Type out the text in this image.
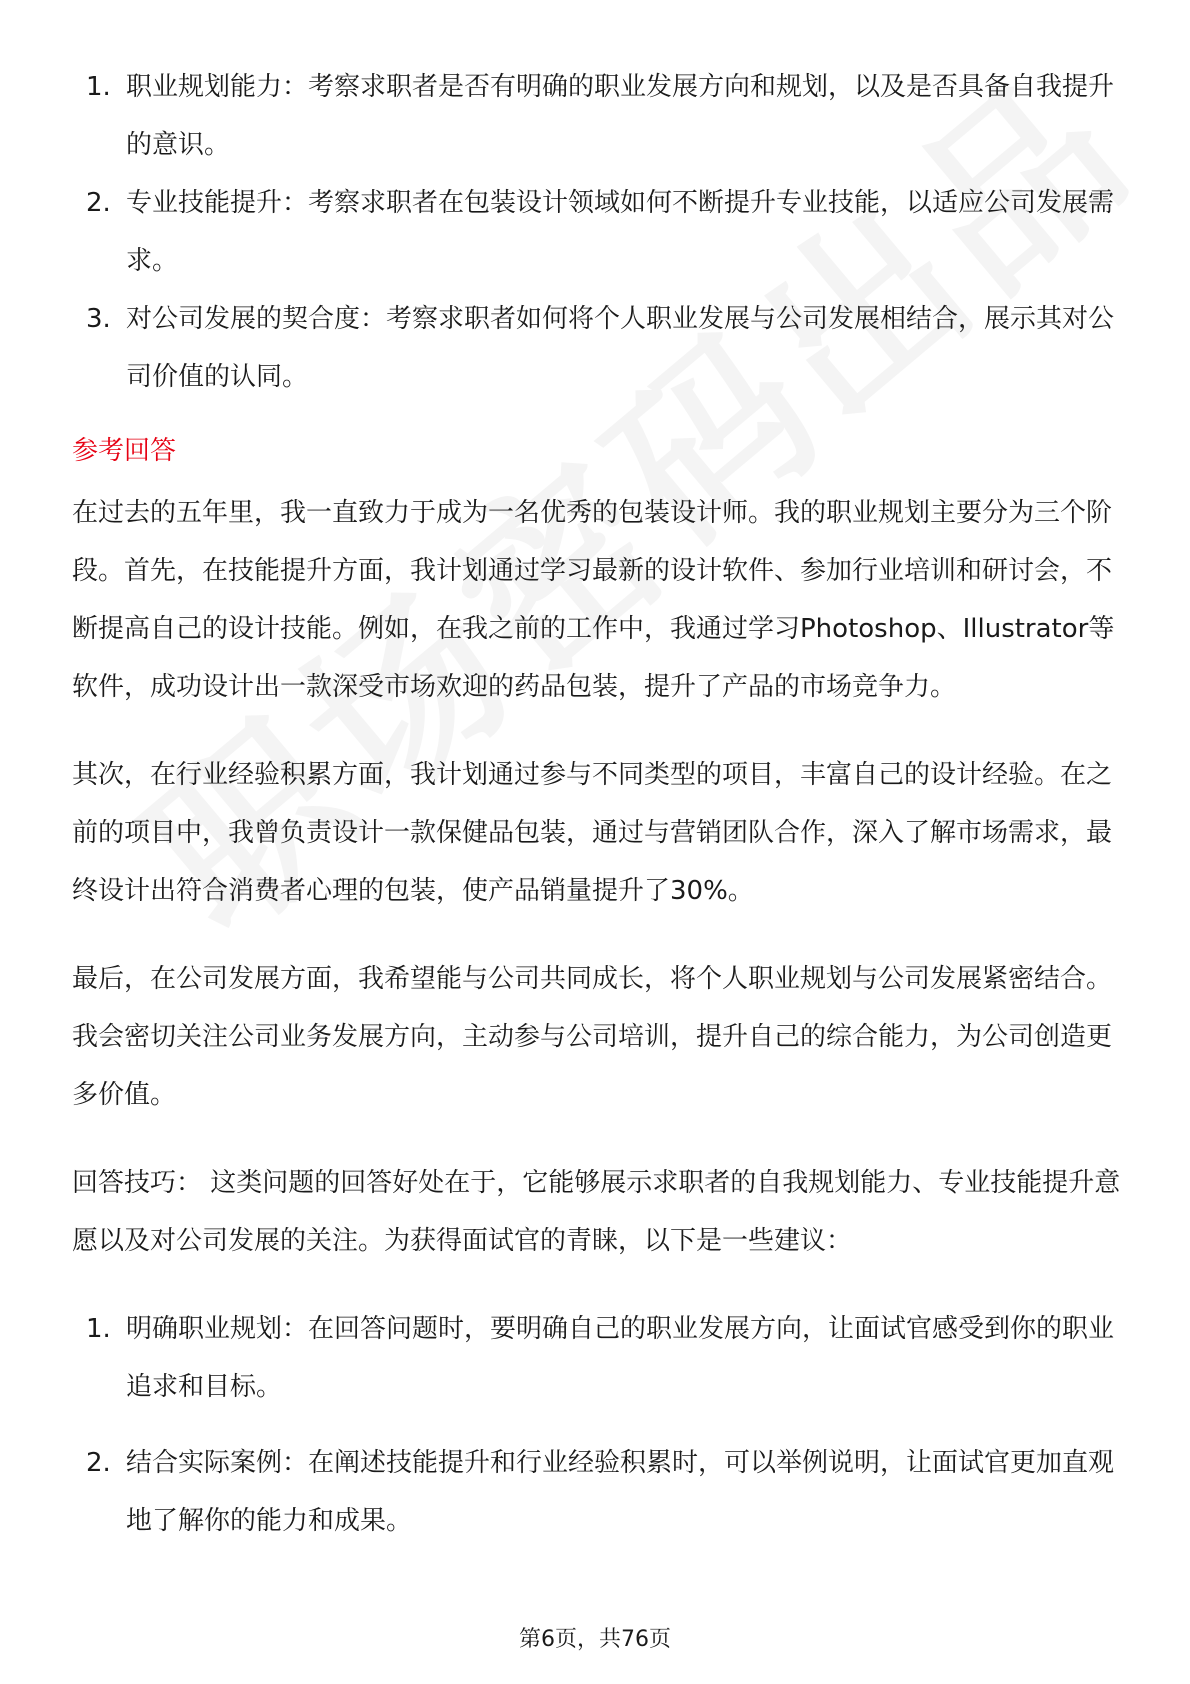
1. 职业规划能力：考察求职者是否有明确的职业发展方向和规划，以及是否具备自我提升的意识。
2. 专业技能提升：考察求职者在包装设计领域如何不断提升专业技能，以适应公司发展需求。
3. 对公司发展的契合度：考察求职者如何将个人职业发展与公司发展相结合，展示其对公司价值的认同。
参考回答

在过去的五年里，我一直致力于成为一名优秀的包装设计师。我的职业规划主要分为三个阶段。首先，在技能提升方面，我计划通过学习最新的设计软件、参加行业培训和研讨会，不断提高自己的设计技能。例如，在我之前的工作中，我通过学习Photoshop、Illustrator等软件，成功设计出一款深受市场欢迎的药品包装，提升了产品的市场竞争力。

其次，在行业经验积累方面，我计划通过参与不同类型的项目，丰富自己的设计经验。在之前的项目中，我曾负责设计一款保健品包装，通过与营销团队合作，深入了解市场需求，最终设计出符合消费者心理的包装，使产品销量提升了30%。

最后，在公司发展方面，我希望能与公司共同成长，将个人职业规划与公司发展紧密结合。我会密切关注公司业务发展方向，主动参与公司培训，提升自己的综合能力，为公司创造更多价值。

回答技巧： 这类问题的回答好处在于，它能够展示求职者的自我规划能力、专业技能提升意愿以及对公司发展的关注。为获得面试官的青睐，以下是一些建议：

1. 明确职业规划：在回答问题时，要明确自己的职业发展方向，让面试官感受到你的职业追求和目标。
2. 结合实际案例：在阐述技能提升和行业经验积累时，可以举例说明，让面试官更加直观地了解你的能力和成果。
第6页，共76页
